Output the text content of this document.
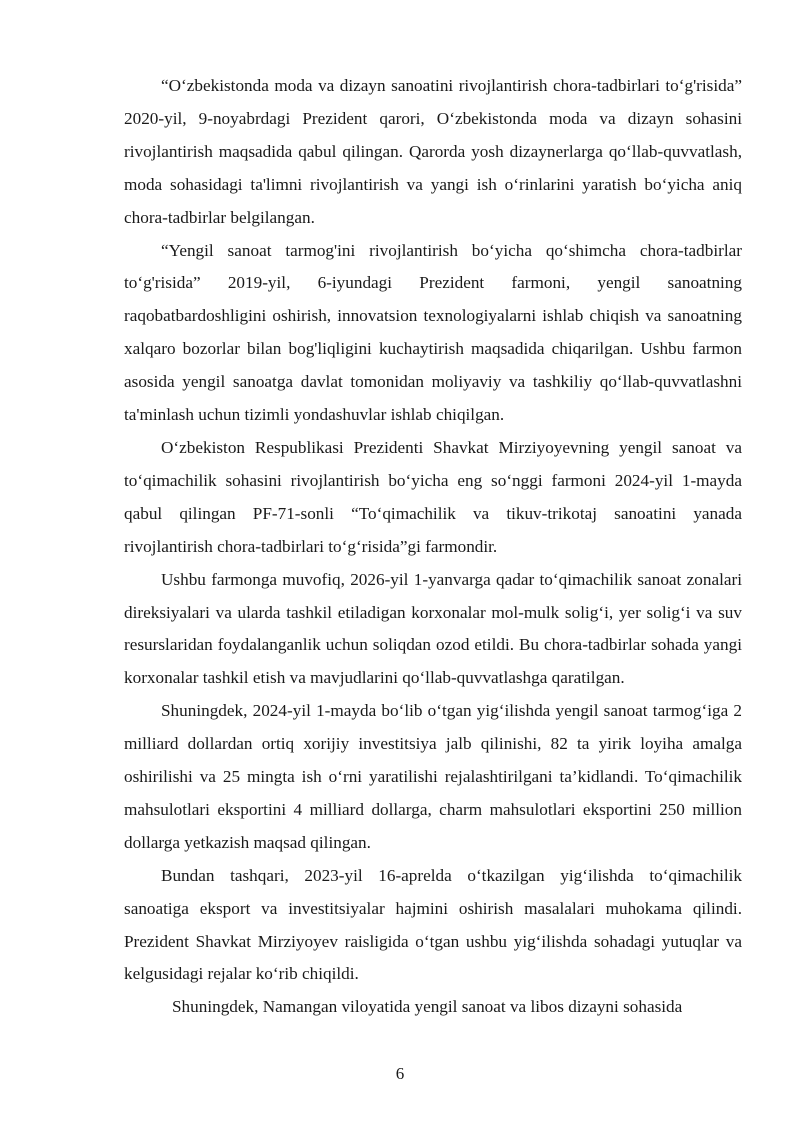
“O‘zbekistonda moda va dizayn sanoatini rivojlantirish chora-tadbirlari to‘g'risida” 2020-yil, 9-noyabrdagi Prezident qarori, O‘zbekistonda moda va dizayn sohasini rivojlantirish maqsadida qabul qilingan. Qarorda yosh dizaynerlarga qo‘llab-quvvatlash, moda sohasidagi ta'limni rivojlantirish va yangi ish o‘rinlarini yaratish bo‘yicha aniq chora-tadbirlar belgilangan.

“Yengil sanoat tarmog'ini rivojlantirish bo‘yicha qo‘shimcha chora-tadbirlar to‘g'risida” 2019-yil, 6-iyundagi Prezident farmoni, yengil sanoatning raqobatbardoshligini oshirish, innovatsion texnologiyalarni ishlab chiqish va sanoatning xalqaro bozorlar bilan bog'liqligini kuchaytirish maqsadida chiqarilgan. Ushbu farmon asosida yengil sanoatga davlat tomonidan moliyaviy va tashkiliy qo‘llab-quvvatlashni ta'minlash uchun tizimli yondashuvlar ishlab chiqilgan.

O‘zbekiston Respublikasi Prezidenti Shavkat Mirziyoyevning yengil sanoat va to‘qimachilik sohasini rivojlantirish bo‘yicha eng so‘nggi farmoni 2024-yil 1-mayda qabul qilingan PF-71-sonli “To‘qimachilik va tikuv-trikotaj sanoatini yanada rivojlantirish chora-tadbirlari to‘g‘risida”gi farmondir.

Ushbu farmonga muvofiq, 2026-yil 1-yanvarga qadar to‘qimachilik sanoat zonalari direksiyalari va ularda tashkil etiladigan korxonalar mol-mulk solig‘i, yer solig‘i va suv resurslaridan foydalanganlik uchun soliqdan ozod etildi. Bu chora-tadbirlar sohada yangi korxonalar tashkil etish va mavjudlarini qo‘llab-quvvatlashga qaratilgan.

Shuningdek, 2024-yil 1-mayda bo‘lib o‘tgan yig‘ilishda yengil sanoat tarmog‘iga 2 milliard dollardan ortiq xorijiy investitsiya jalb qilinishi, 82 ta yirik loyiha amalga oshirilishi va 25 mingta ish o‘rni yaratilishi rejalashtirilgani ta’kidlandi. To‘qimachilik mahsulotlari eksportini 4 milliard dollarga, charm mahsulotlari eksportini 250 million dollarga yetkazish maqsad qilingan.

Bundan tashqari, 2023-yil 16-aprelda o‘tkazilgan yig‘ilishda to‘qimachilik sanoatiga eksport va investitsiyalar hajmini oshirish masalalari muhokama qilindi. Prezident Shavkat Mirziyoyev raisligida o‘tgan ushbu yig‘ilishda sohadagi yutuqlar va kelgusidagi rejalar ko‘rib chiqildi.

Shuningdek, Namangan viloyatida yengil sanoat va libos dizayni sohasida

6
